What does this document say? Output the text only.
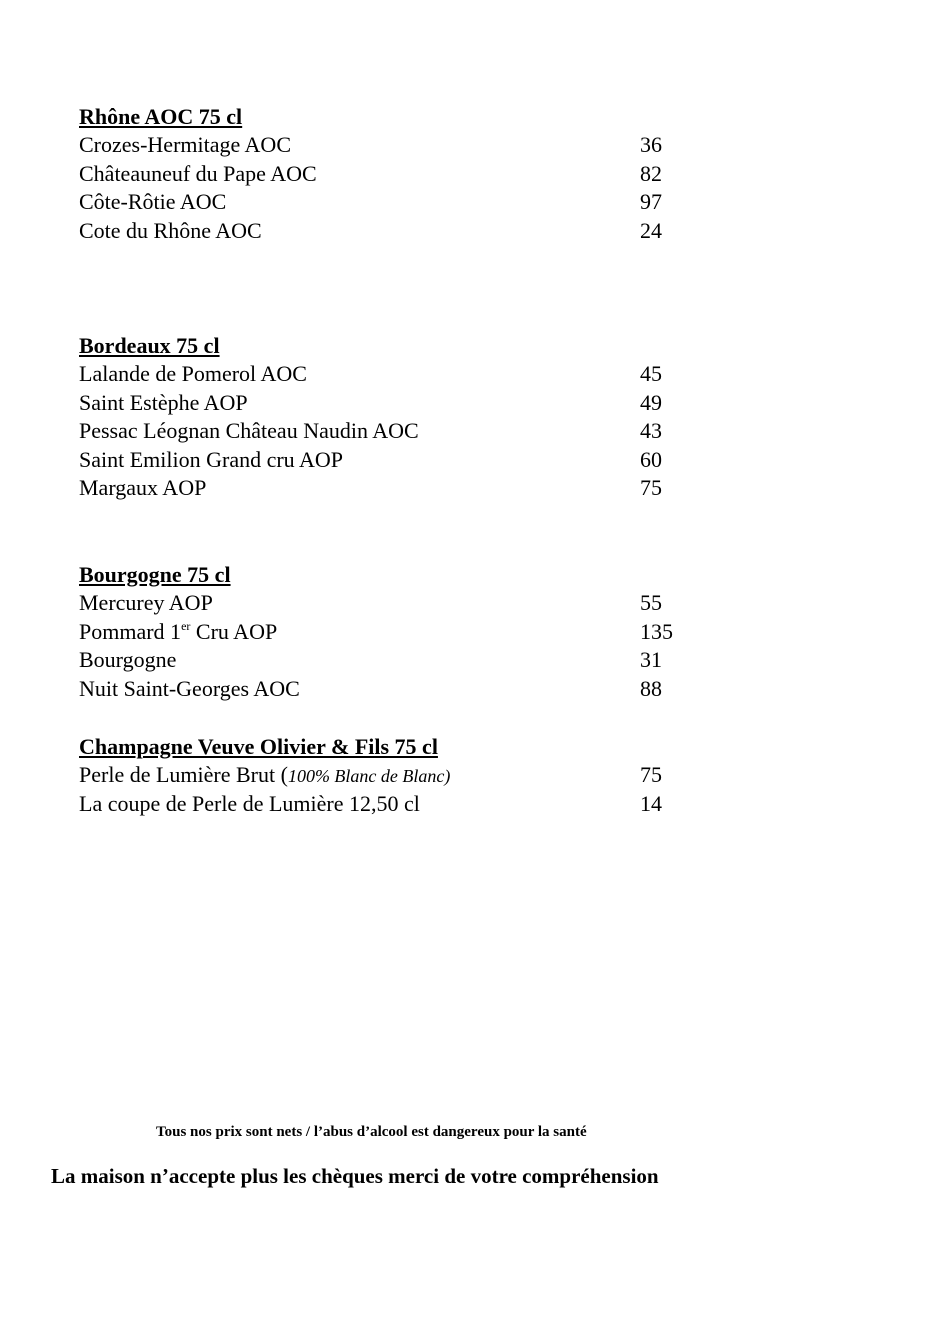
Rhône AOC 75 cl
Crozes-Hermitage AOC	36
Châteauneuf du Pape AOC	82
Côte-Rôtie AOC	97
Cote du Rhône AOC	24
Bordeaux 75 cl
Lalande de Pomerol AOC	45
Saint Estèphe AOP	49
Pessac Léognan Château Naudin AOC	43
Saint Emilion Grand cru AOP	60
Margaux AOP	75
Bourgogne 75 cl
Mercurey AOP	55
Pommard 1er Cru AOP	135
Bourgogne	31
Nuit Saint-Georges AOC	88
Champagne Veuve Olivier & Fils 75 cl
Perle de Lumière Brut (100% Blanc de Blanc)	75
La coupe de Perle de Lumière 12,50 cl	14
Tous nos prix sont nets / l’abus d’alcool est dangereux pour la santé
La maison n’accepte plus les chèques merci de votre compréhension
